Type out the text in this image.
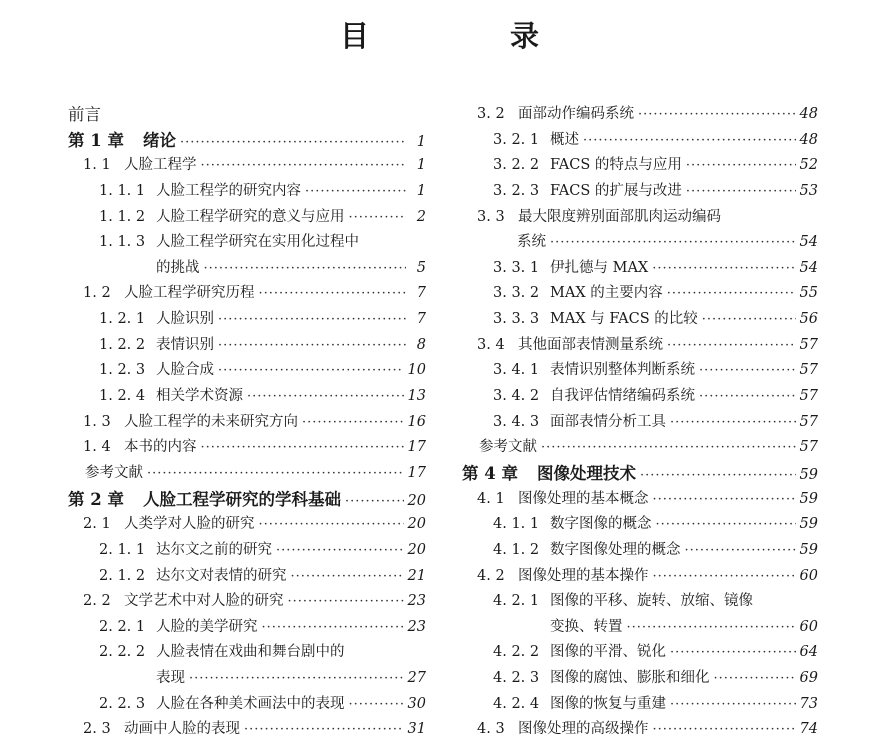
目　录
前言
第 1 章	绪论 ·····	1
1. 1 人脸工程学 ·····	1
1. 1. 1 人脸工程学的研究内容 ·····	1
1. 1. 2 人脸工程学研究的意义与应用 ·····	2
1. 1. 3 人脸工程学研究在实用化过程中
的挑战 ·····	5
1. 2 人脸工程学研究历程 ·····	7
1. 2. 1 人脸识别 ·····	7
1. 2. 2 表情识别 ·····	8
1. 2. 3 人脸合成 ·····	10
1. 2. 4 相关学术资源 ·····	13
1. 3 人脸工程学的未来研究方向 ·····	16
1. 4 本书的内容 ·····	17
参考文献 ·····	17
第 2 章	人脸工程学研究的学科基础 ·····	20
2. 1 人类学对人脸的研究 ·····	20
2. 1. 1 达尔文之前的研究 ·····	20
2. 1. 2 达尔文对表情的研究 ·····	21
2. 2 文学艺术中对人脸的研究 ·····	23
2. 2. 1 人脸的美学研究 ·····	23
2. 2. 2 人脸表情在戏曲和舞台剧中的
表现 ·····	27
2. 2. 3 人脸在各种美术画法中的表现 ·····	30
2. 3 动画中人脸的表现 ·····	31
3. 2 面部动作编码系统 ·····	48
3. 2. 1 概述 ·····	48
3. 2. 2 FACS 的特点与应用 ·····	52
3. 2. 3 FACS 的扩展与改进 ·····	53
3. 3 最大限度辨别面部肌肉运动编码
系统 ·····	54
3. 3. 1 伊扎德与 MAX ·····	54
3. 3. 2 MAX 的主要内容 ·····	55
3. 3. 3 MAX 与 FACS 的比较 ·····	56
3. 4 其他面部表情测量系统 ·····	57
3. 4. 1 表情识别整体判断系统 ·····	57
3. 4. 2 自我评估情绪编码系统 ·····	57
3. 4. 3 面部表情分析工具 ·····	57
参考文献 ·····	57
第 4 章	图像处理技术 ·····	59
4. 1 图像处理的基本概念 ·····	59
4. 1. 1 数字图像的概念 ·····	59
4. 1. 2 数字图像处理的概念 ·····	59
4. 2 图像处理的基本操作 ·····	60
4. 2. 1 图像的平移、旋转、放缩、镜像
变换、转置 ·····	60
4. 2. 2 图像的平滑、锐化 ·····	64
4. 2. 3 图像的腐蚀、膨胀和细化 ·····	69
4. 2. 4 图像的恢复与重建 ·····	73
4. 3 图像处理的高级操作 ·····	74
